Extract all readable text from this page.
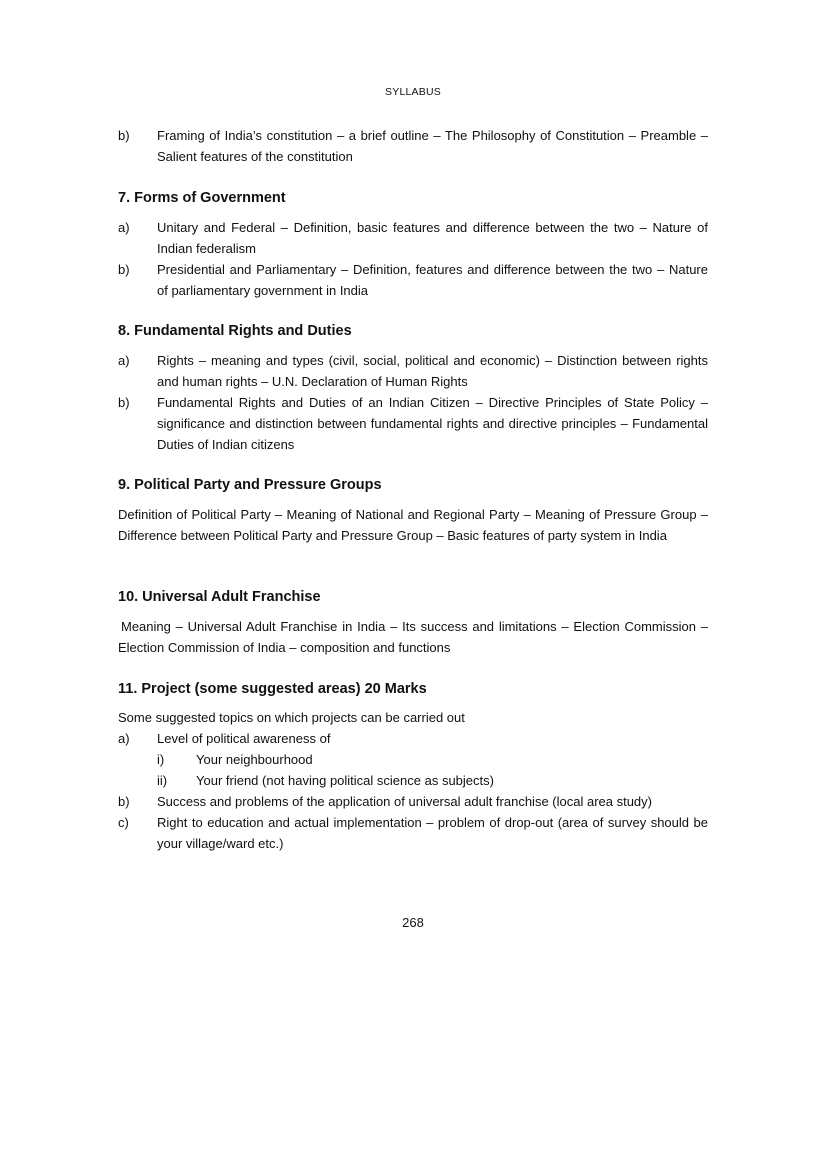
SYLLABUS
b)	Framing of India’s constitution – a brief outline – The Philosophy of Constitution – Preamble – Salient features of the constitution
7. Forms of Government
a)	Unitary and Federal – Definition, basic features and difference between the two – Nature of Indian federalism
b)	Presidential and Parliamentary – Definition, features and difference between the two – Nature of parliamentary government in India
8. Fundamental Rights and Duties
a)	Rights – meaning and types (civil, social, political and economic) – Distinction between rights and human rights – U.N. Declaration of Human Rights
b)	Fundamental Rights and Duties of an Indian Citizen – Directive Principles of State Policy – significance and distinction between fundamental rights and directive principles – Fundamental Duties of Indian citizens
9. Political Party and Pressure Groups
Definition of Political Party – Meaning of National and Regional Party – Meaning of Pressure Group – Difference between Political Party and Pressure Group – Basic features of party system in India
10. Universal Adult Franchise
Meaning – Universal Adult Franchise in India – Its success and limitations – Election Commission – Election Commission of India – composition and functions
11. Project (some suggested areas) 20 Marks
Some suggested topics on which projects can be carried out
a)	Level of political awareness of
i)	Your neighbourhood
ii)	Your friend (not having political science as subjects)
b)	Success and problems of the application of universal adult franchise (local area study)
c)	Right to education and actual implementation – problem of drop-out (area of survey should be your village/ward etc.)
268
